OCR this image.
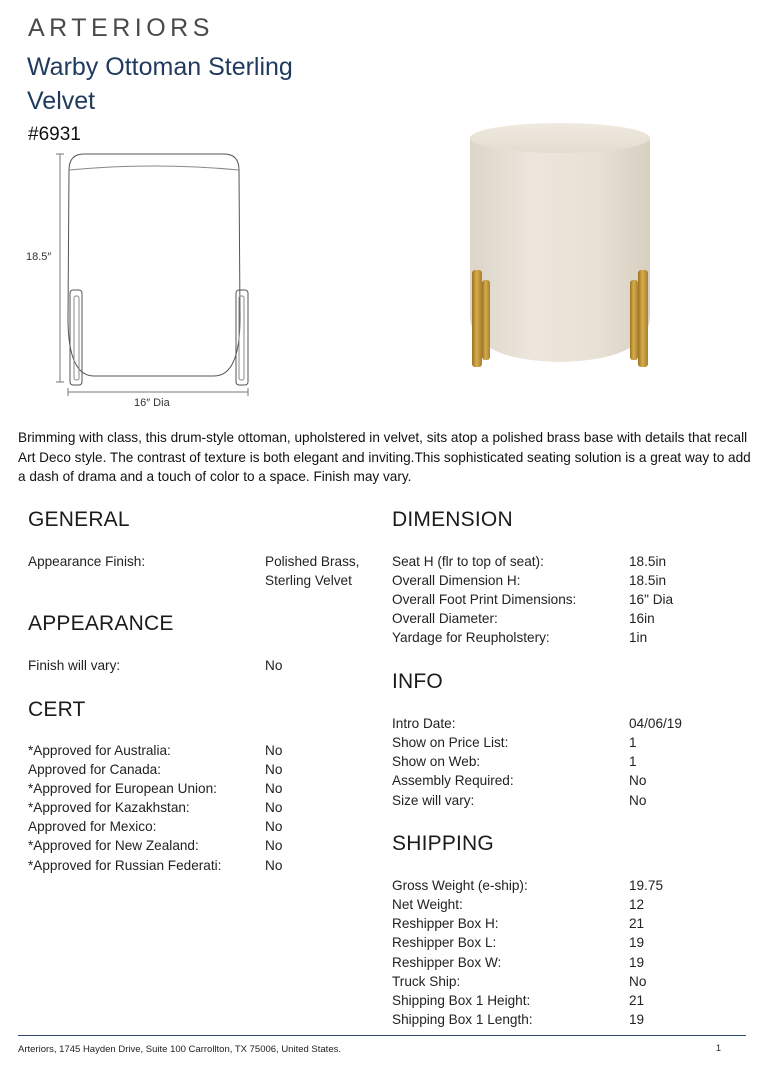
ARTERIORS
Warby Ottoman Sterling Velvet
#6931
18.5″
16″ Dia

Brimming with class, this drum-style ottoman, upholstered in velvet, sits atop a polished brass base with details that recall Art Deco style. The contrast of texture is both elegant and inviting.This sophisticated seating solution is a great way to add a dash of drama and a touch of color to a space. Finish may vary.

GENERAL
Appearance Finish:	Polished Brass,
Sterling Velvet
APPEARANCE
Finish will vary:	No
CERT
*Approved for Australia:	No
Approved for Canada:	No
*Approved for European Union:	No
*Approved for Kazakhstan:	No
Approved for Mexico:	No
*Approved for New Zealand:	No
*Approved for Russian Federati:	No
DIMENSION
Seat H (flr to top of seat):	18.5in
Overall Dimension H:	18.5in
Overall Foot Print Dimensions:	16" Dia
Overall Diameter:	16in
Yardage for Reupholstery:	1in
INFO
Intro Date:	04/06/19
Show on Price List:	1
Show on Web:	1
Assembly Required:	No
Size will vary:	No
SHIPPING
Gross Weight (e-ship):	19.75
Net Weight:	12
Reshipper Box H:	21
Reshipper Box L:	19
Reshipper Box W:	19
Truck Ship:	No
Shipping Box 1 Height:	21
Shipping Box 1 Length:	19
Arteriors, 1745 Hayden Drive, Suite 100 Carrollton, TX 75006, United States.	1
